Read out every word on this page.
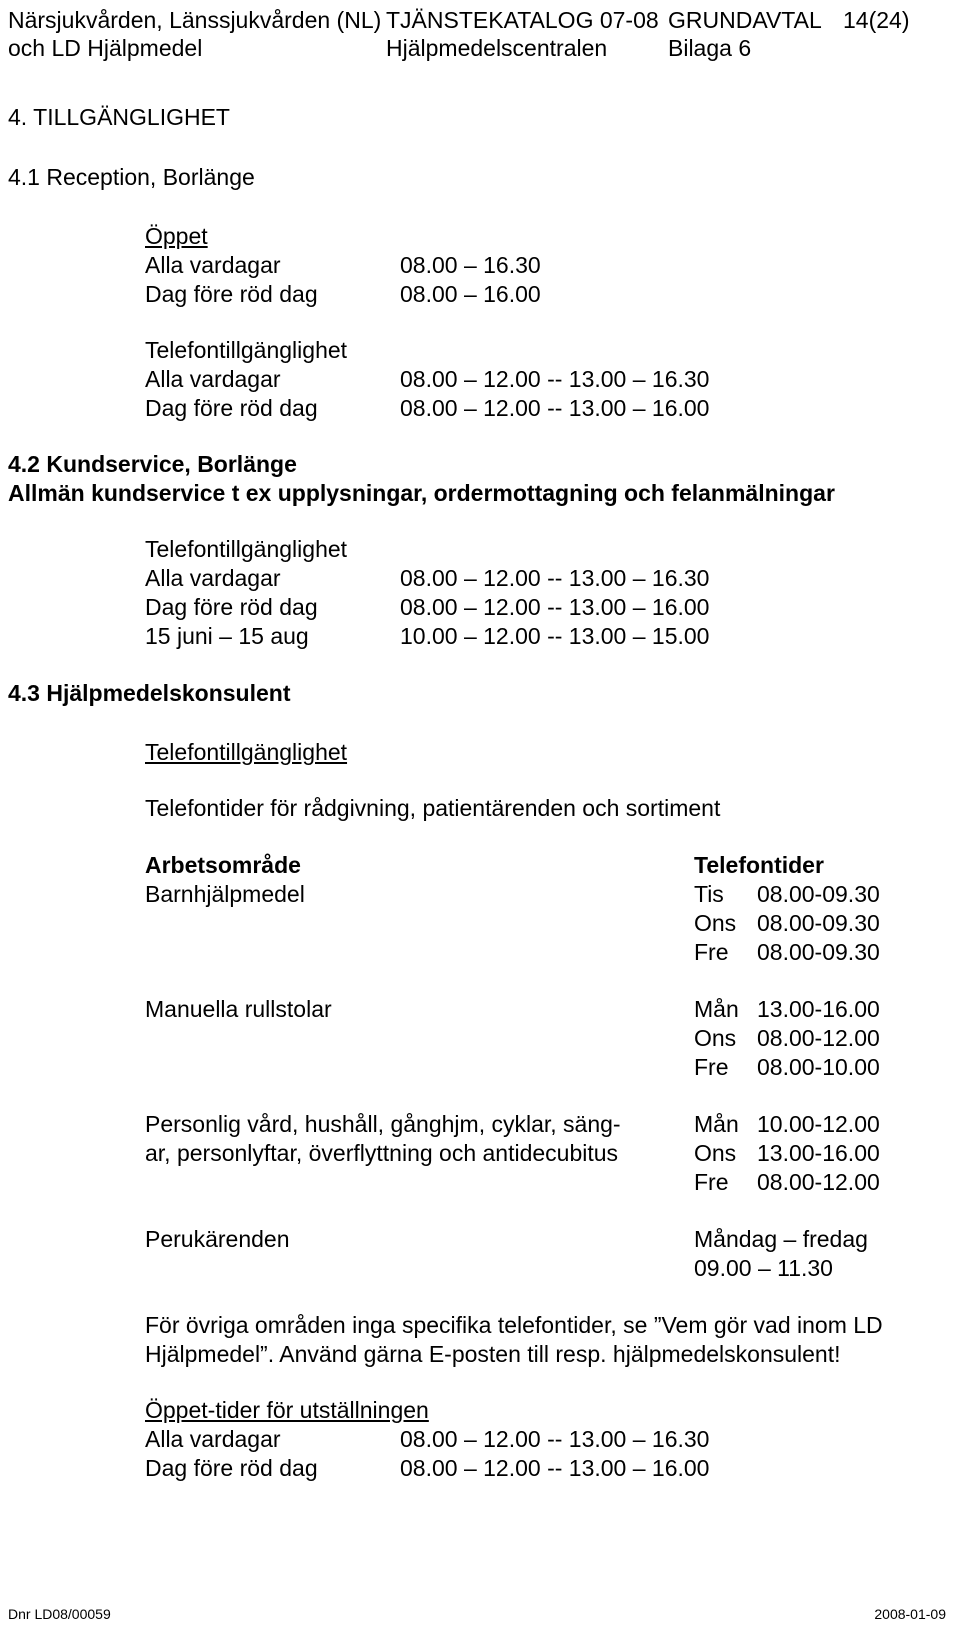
Närsjukvården, Länssjukvården (NL) TJÄNSTEKATALOG 07-08 GRUNDAVTAL 14(24)
och LD Hjälpmedel	Hjälpmedelscentralen	Bilaga 6
4. TILLGÄNGLIGHET
4.1 Reception, Borlänge
Öppet
Alla vardagar	08.00 – 16.30
Dag före röd dag	08.00 – 16.00
Telefontillgänglighet
Alla vardagar	08.00 – 12.00 -- 13.00 – 16.30
Dag före röd dag	08.00 – 12.00 -- 13.00 – 16.00
4.2 Kundservice, Borlänge
Allmän kundservice t ex upplysningar, ordermottagning och felanmälningar
Telefontillgänglighet
Alla vardagar	08.00 – 12.00 -- 13.00 – 16.30
Dag före röd dag	08.00 – 12.00 -- 13.00 – 16.00
15 juni – 15 aug	10.00 – 12.00 -- 13.00 – 15.00
4.3 Hjälpmedelskonsulent
Telefontillgänglighet
Telefontider för rådgivning, patientärenden och sortiment
Arbetsområde	Telefontider
Barnhjälpmedel	Tis 08.00-09.30
Ons 08.00-09.30
Fre 08.00-09.30
Manuella rullstolar	Mån 13.00-16.00
Ons 08.00-12.00
Fre 08.00-10.00
Personlig vård, hushåll, gånghjm, cyklar, säng-
ar, personlyftar, överflyttning och antidecubitus
Mån 10.00-12.00
Ons 13.00-16.00
Fre 08.00-12.00
Perukärenden	Måndag – fredag
09.00 – 11.30
För övriga områden inga specifika telefontider, se ”Vem gör vad inom LD
Hjälpmedel”. Använd gärna E-posten till resp. hjälpmedelskonsulent!
Öppet-tider för utställningen
Alla vardagar	08.00 – 12.00 -- 13.00 – 16.30
Dag före röd dag	08.00 – 12.00 -- 13.00 – 16.00
Dnr LD08/00059	2008-01-09
